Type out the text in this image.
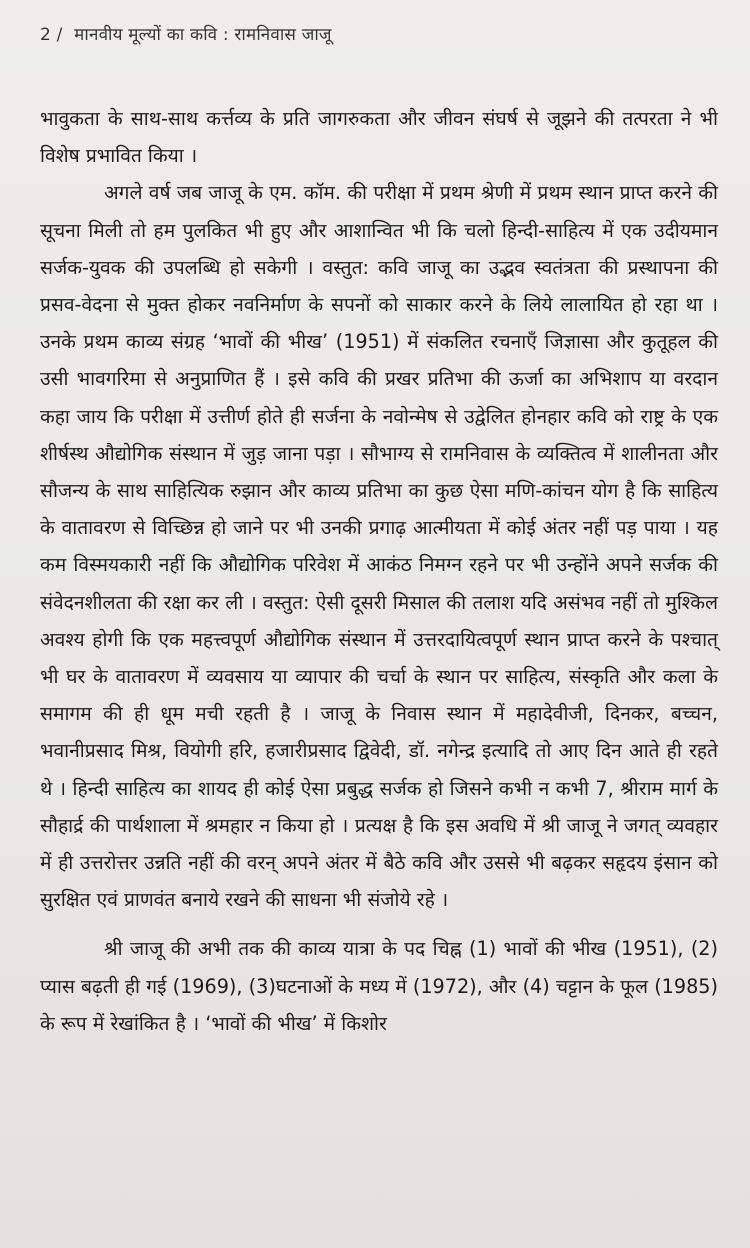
2 / मानवीय मूल्यों का कवि : रामनिवास जाजू

भावुकता के साथ-साथ कर्त्तव्य के प्रति जागरुकता और जीवन संघर्ष से जूझने की तत्परता ने भी विशेष प्रभावित किया ।

अगले वर्ष जब जाजू के एम. कॉम. की परीक्षा में प्रथम श्रेणी में प्रथम स्थान प्राप्त करने की सूचना मिली तो हम पुलकित भी हुए और आशान्वित भी कि चलो हिन्दी-साहित्य में एक उदीयमान सर्जक-युवक की उपलब्धि हो सकेगी । वस्तुत: कवि जाजू का उद्भव स्वतंत्रता की प्रस्थापना की प्रसव-वेदना से मुक्त होकर नवनिर्माण के सपनों को साकार करने के लिये लालायित हो रहा था । उनके प्रथम काव्य संग्रह ‘भावों की भीख’ (1951) में संकलित रचनाएँ जिज्ञासा और कुतूहल की उसी भावगरिमा से अनुप्राणित हैं । इसे कवि की प्रखर प्रतिभा की ऊर्जा का अभिशाप या वरदान कहा जाय कि परीक्षा में उत्तीर्ण होते ही सर्जना के नवोन्मेष से उद्वेलित होनहार कवि को राष्ट्र के एक शीर्षस्थ औद्योगिक संस्थान में जुड़ जाना पड़ा । सौभाग्य से रामनिवास के व्यक्तित्व में शालीनता और सौजन्य के साथ साहित्यिक रुझान और काव्य प्रतिभा का कुछ ऐसा मणि-कांचन योग है कि साहित्य के वातावरण से विच्छिन्न हो जाने पर भी उनकी प्रगाढ़ आत्मीयता में कोई अंतर नहीं पड़ पाया । यह कम विस्मयकारी नहीं कि औद्योगिक परिवेश में आकंठ निमग्न रहने पर भी उन्होंने अपने सर्जक की संवेदनशीलता की रक्षा कर ली । वस्तुत: ऐसी दूसरी मिसाल की तलाश यदि असंभव नहीं तो मुश्किल अवश्य होगी कि एक महत्त्वपूर्ण औद्योगिक संस्थान में उत्तरदायित्वपूर्ण स्थान प्राप्त करने के पश्चात् भी घर के वातावरण में व्यवसाय या व्यापार की चर्चा के स्थान पर साहित्य, संस्कृति और कला के समागम की ही धूम मची रहती है । जाजू के निवास स्थान में महादेवीजी, दिनकर, बच्चन, भवानीप्रसाद मिश्र, वियोगी हरि, हजारीप्रसाद द्विवेदी, डॉ. नगेन्द्र इत्यादि तो आए दिन आते ही रहते थे । हिन्दी साहित्य का शायद ही कोई ऐसा प्रबुद्ध सर्जक हो जिसने कभी न कभी 7, श्रीराम मार्ग के सौहार्द्र की पार्थशाला में श्रमहार न किया हो । प्रत्यक्ष है कि इस अवधि में श्री जाजू ने जगत् व्यवहार में ही उत्तरोत्तर उन्नति नहीं की वरन् अपने अंतर में बैठे कवि और उससे भी बढ़कर सहृदय इंसान को सुरक्षित एवं प्राणवंत बनाये रखने की साधना भी संजोये रहे ।

श्री जाजू की अभी तक की काव्य यात्रा के पद चिह्न (1) भावों की भीख (1951), (2) प्यास बढ़ती ही गई (1969), (3)घटनाओं के मध्य में (1972), और (4) चट्टान के फूल (1985) के रूप में रेखांकित है । ‘भावों की भीख’ में किशोर
